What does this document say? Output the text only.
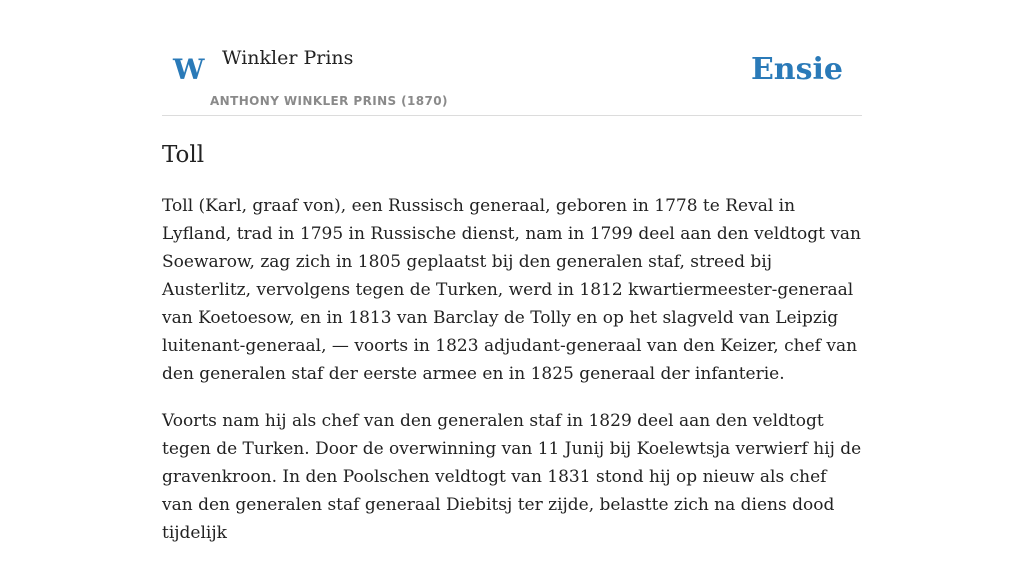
W Winkler Prins
ANTHONY WINKLER PRINS (1870)
Ensie
Toll

Toll (Karl, graaf von), een Russisch generaal, geboren in 1778 te Reval in Lyfland, trad in 1795 in Russische dienst, nam in 1799 deel aan den veldtogt van Soewarow, zag zich in 1805 geplaatst bij den generalen staf, streed bij Austerlitz, vervolgens tegen de Turken, werd in 1812 kwartiermeester-generaal van Koetoesow, en in 1813 van Barclay de Tolly en op het slagveld van Leipzig luitenant-generaal, — voorts in 1823 adjudant-generaal van den Keizer, chef van den generalen staf der eerste armee en in 1825 generaal der infanterie.

Voorts nam hij als chef van den generalen staf in 1829 deel aan den veldtogt tegen de Turken. Door de overwinning van 11 Junij bij Koelewtsja verwierf hij de gravenkroon. In den Poolschen veldtogt van 1831 stond hij op nieuw als chef van den generalen staf generaal Diebitsj ter zijde, belastte zich na diens dood tijdelijk
